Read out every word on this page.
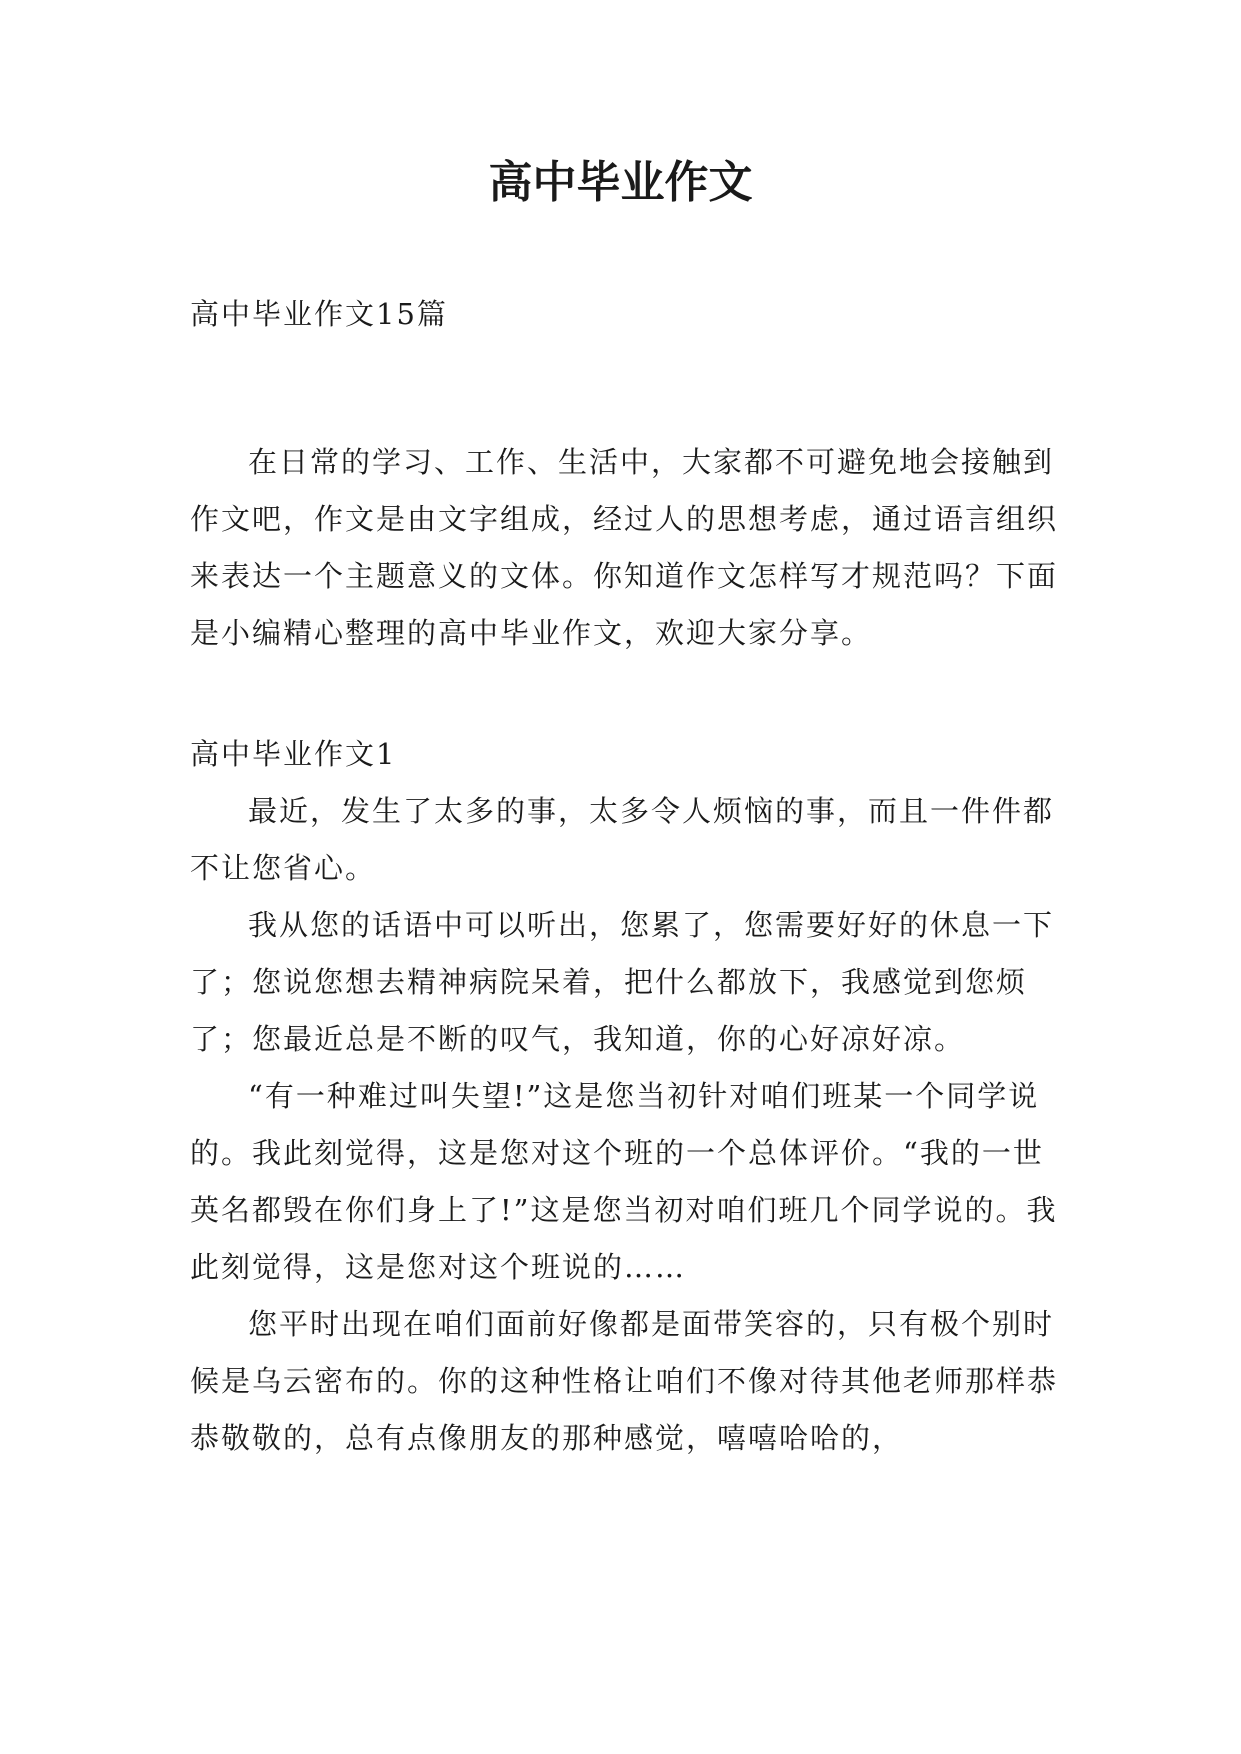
高中毕业作文

高中毕业作文15篇

在日常的学习、工作、生活中，大家都不可避免地会接触到作文吧，作文是由文字组成，经过人的思想考虑，通过语言组织来表达一个主题意义的文体。你知道作文怎样写才规范吗？下面是小编精心整理的高中毕业作文，欢迎大家分享。

高中毕业作文1

最近，发生了太多的事，太多令人烦恼的事，而且一件件都不让您省心。

我从您的话语中可以听出，您累了，您需要好好的休息一下了；您说您想去精神病院呆着，把什么都放下，我感觉到您烦了；您最近总是不断的叹气，我知道，你的心好凉好凉。

“有一种难过叫失望!”这是您当初针对咱们班某一个同学说的。我此刻觉得，这是您对这个班的一个总体评价。“我的一世英名都毁在你们身上了!”这是您当初对咱们班几个同学说的。我此刻觉得，这是您对这个班说的……

您平时出现在咱们面前好像都是面带笑容的，只有极个别时候是乌云密布的。你的这种性格让咱们不像对待其他老师那样恭恭敬敬的，总有点像朋友的那种感觉，嘻嘻哈哈的，
